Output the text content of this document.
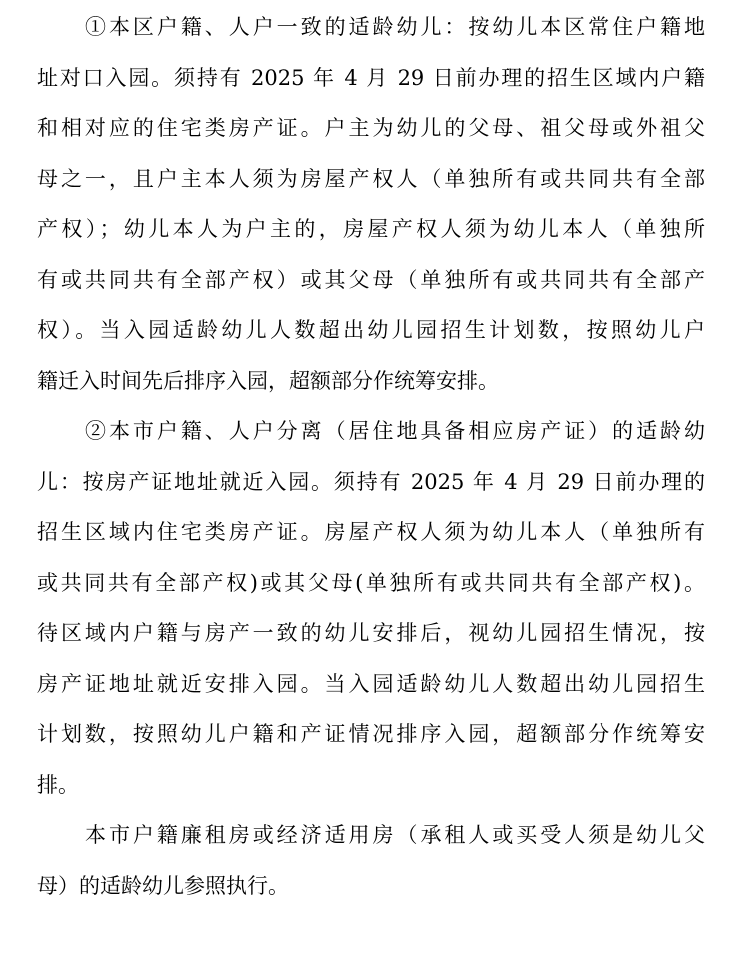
①本区户籍、人户一致的适龄幼儿：按幼儿本区常住户籍地
址对口入园。须持有 2025 年 4 月 29 日前办理的招生区域内户籍
和相对应的住宅类房产证。户主为幼儿的父母、祖父母或外祖父
母之一，且户主本人须为房屋产权人（单独所有或共同共有全部
产权）；幼儿本人为户主的，房屋产权人须为幼儿本人（单独所
有或共同共有全部产权）或其父母（单独所有或共同共有全部产
权）。当入园适龄幼儿人数超出幼儿园招生计划数，按照幼儿户
籍迁入时间先后排序入园，超额部分作统筹安排。
②本市户籍、人户分离（居住地具备相应房产证）的适龄幼
儿：按房产证地址就近入园。须持有 2025 年 4 月 29 日前办理的
招生区域内住宅类房产证。房屋产权人须为幼儿本人（单独所有
或共同共有全部产权)或其父母(单独所有或共同共有全部产权)。
待区域内户籍与房产一致的幼儿安排后，视幼儿园招生情况，按
房产证地址就近安排入园。当入园适龄幼儿人数超出幼儿园招生
计划数，按照幼儿户籍和产证情况排序入园，超额部分作统筹安
排。
本市户籍廉租房或经济适用房（承租人或买受人须是幼儿父
母）的适龄幼儿参照执行。
